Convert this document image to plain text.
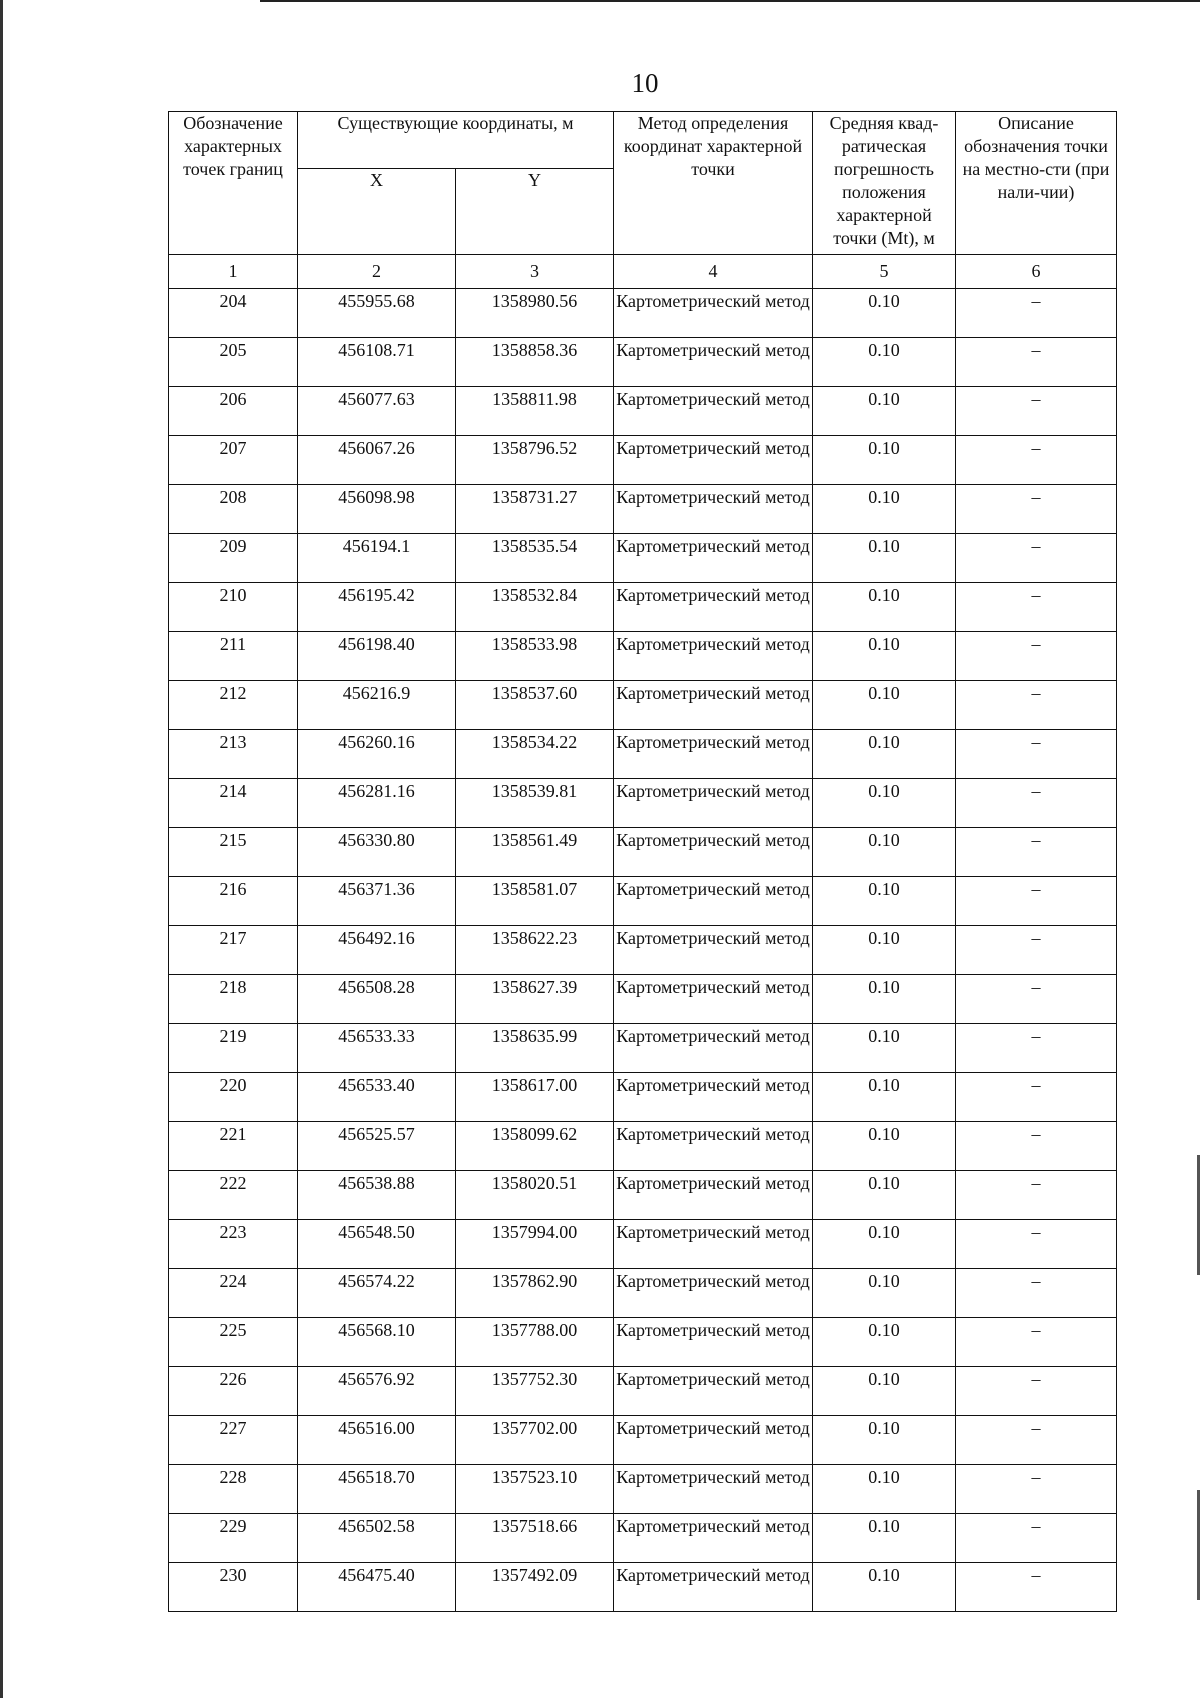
10
Обозначение характерных точек границ	Существующие координаты, м		Метод определения координат характерной точки	Средняя квад-ратическая погрешность положения характерной точки (Mt), м	Описание обозначения точки на местно-сти (при нали-чии)
	X	Y			
1	2	3	4	5	6
204	455955.68	1358980.56	Картометрический метод	0.10	–
205	456108.71	1358858.36	Картометрический метод	0.10	–
206	456077.63	1358811.98	Картометрический метод	0.10	–
207	456067.26	1358796.52	Картометрический метод	0.10	–
208	456098.98	1358731.27	Картометрический метод	0.10	–
209	456194.1	1358535.54	Картометрический метод	0.10	–
210	456195.42	1358532.84	Картометрический метод	0.10	–
211	456198.40	1358533.98	Картометрический метод	0.10	–
212	456216.9	1358537.60	Картометрический метод	0.10	–
213	456260.16	1358534.22	Картометрический метод	0.10	–
214	456281.16	1358539.81	Картометрический метод	0.10	–
215	456330.80	1358561.49	Картометрический метод	0.10	–
216	456371.36	1358581.07	Картометрический метод	0.10	–
217	456492.16	1358622.23	Картометрический метод	0.10	–
218	456508.28	1358627.39	Картометрический метод	0.10	–
219	456533.33	1358635.99	Картометрический метод	0.10	–
220	456533.40	1358617.00	Картометрический метод	0.10	–
221	456525.57	1358099.62	Картометрический метод	0.10	–
222	456538.88	1358020.51	Картометрический метод	0.10	–
223	456548.50	1357994.00	Картометрический метод	0.10	–
224	456574.22	1357862.90	Картометрический метод	0.10	–
225	456568.10	1357788.00	Картометрический метод	0.10	–
226	456576.92	1357752.30	Картометрический метод	0.10	–
227	456516.00	1357702.00	Картометрический метод	0.10	–
228	456518.70	1357523.10	Картометрический метод	0.10	–
229	456502.58	1357518.66	Картометрический метод	0.10	–
230	456475.40	1357492.09	Картометрический метод	0.10	–
